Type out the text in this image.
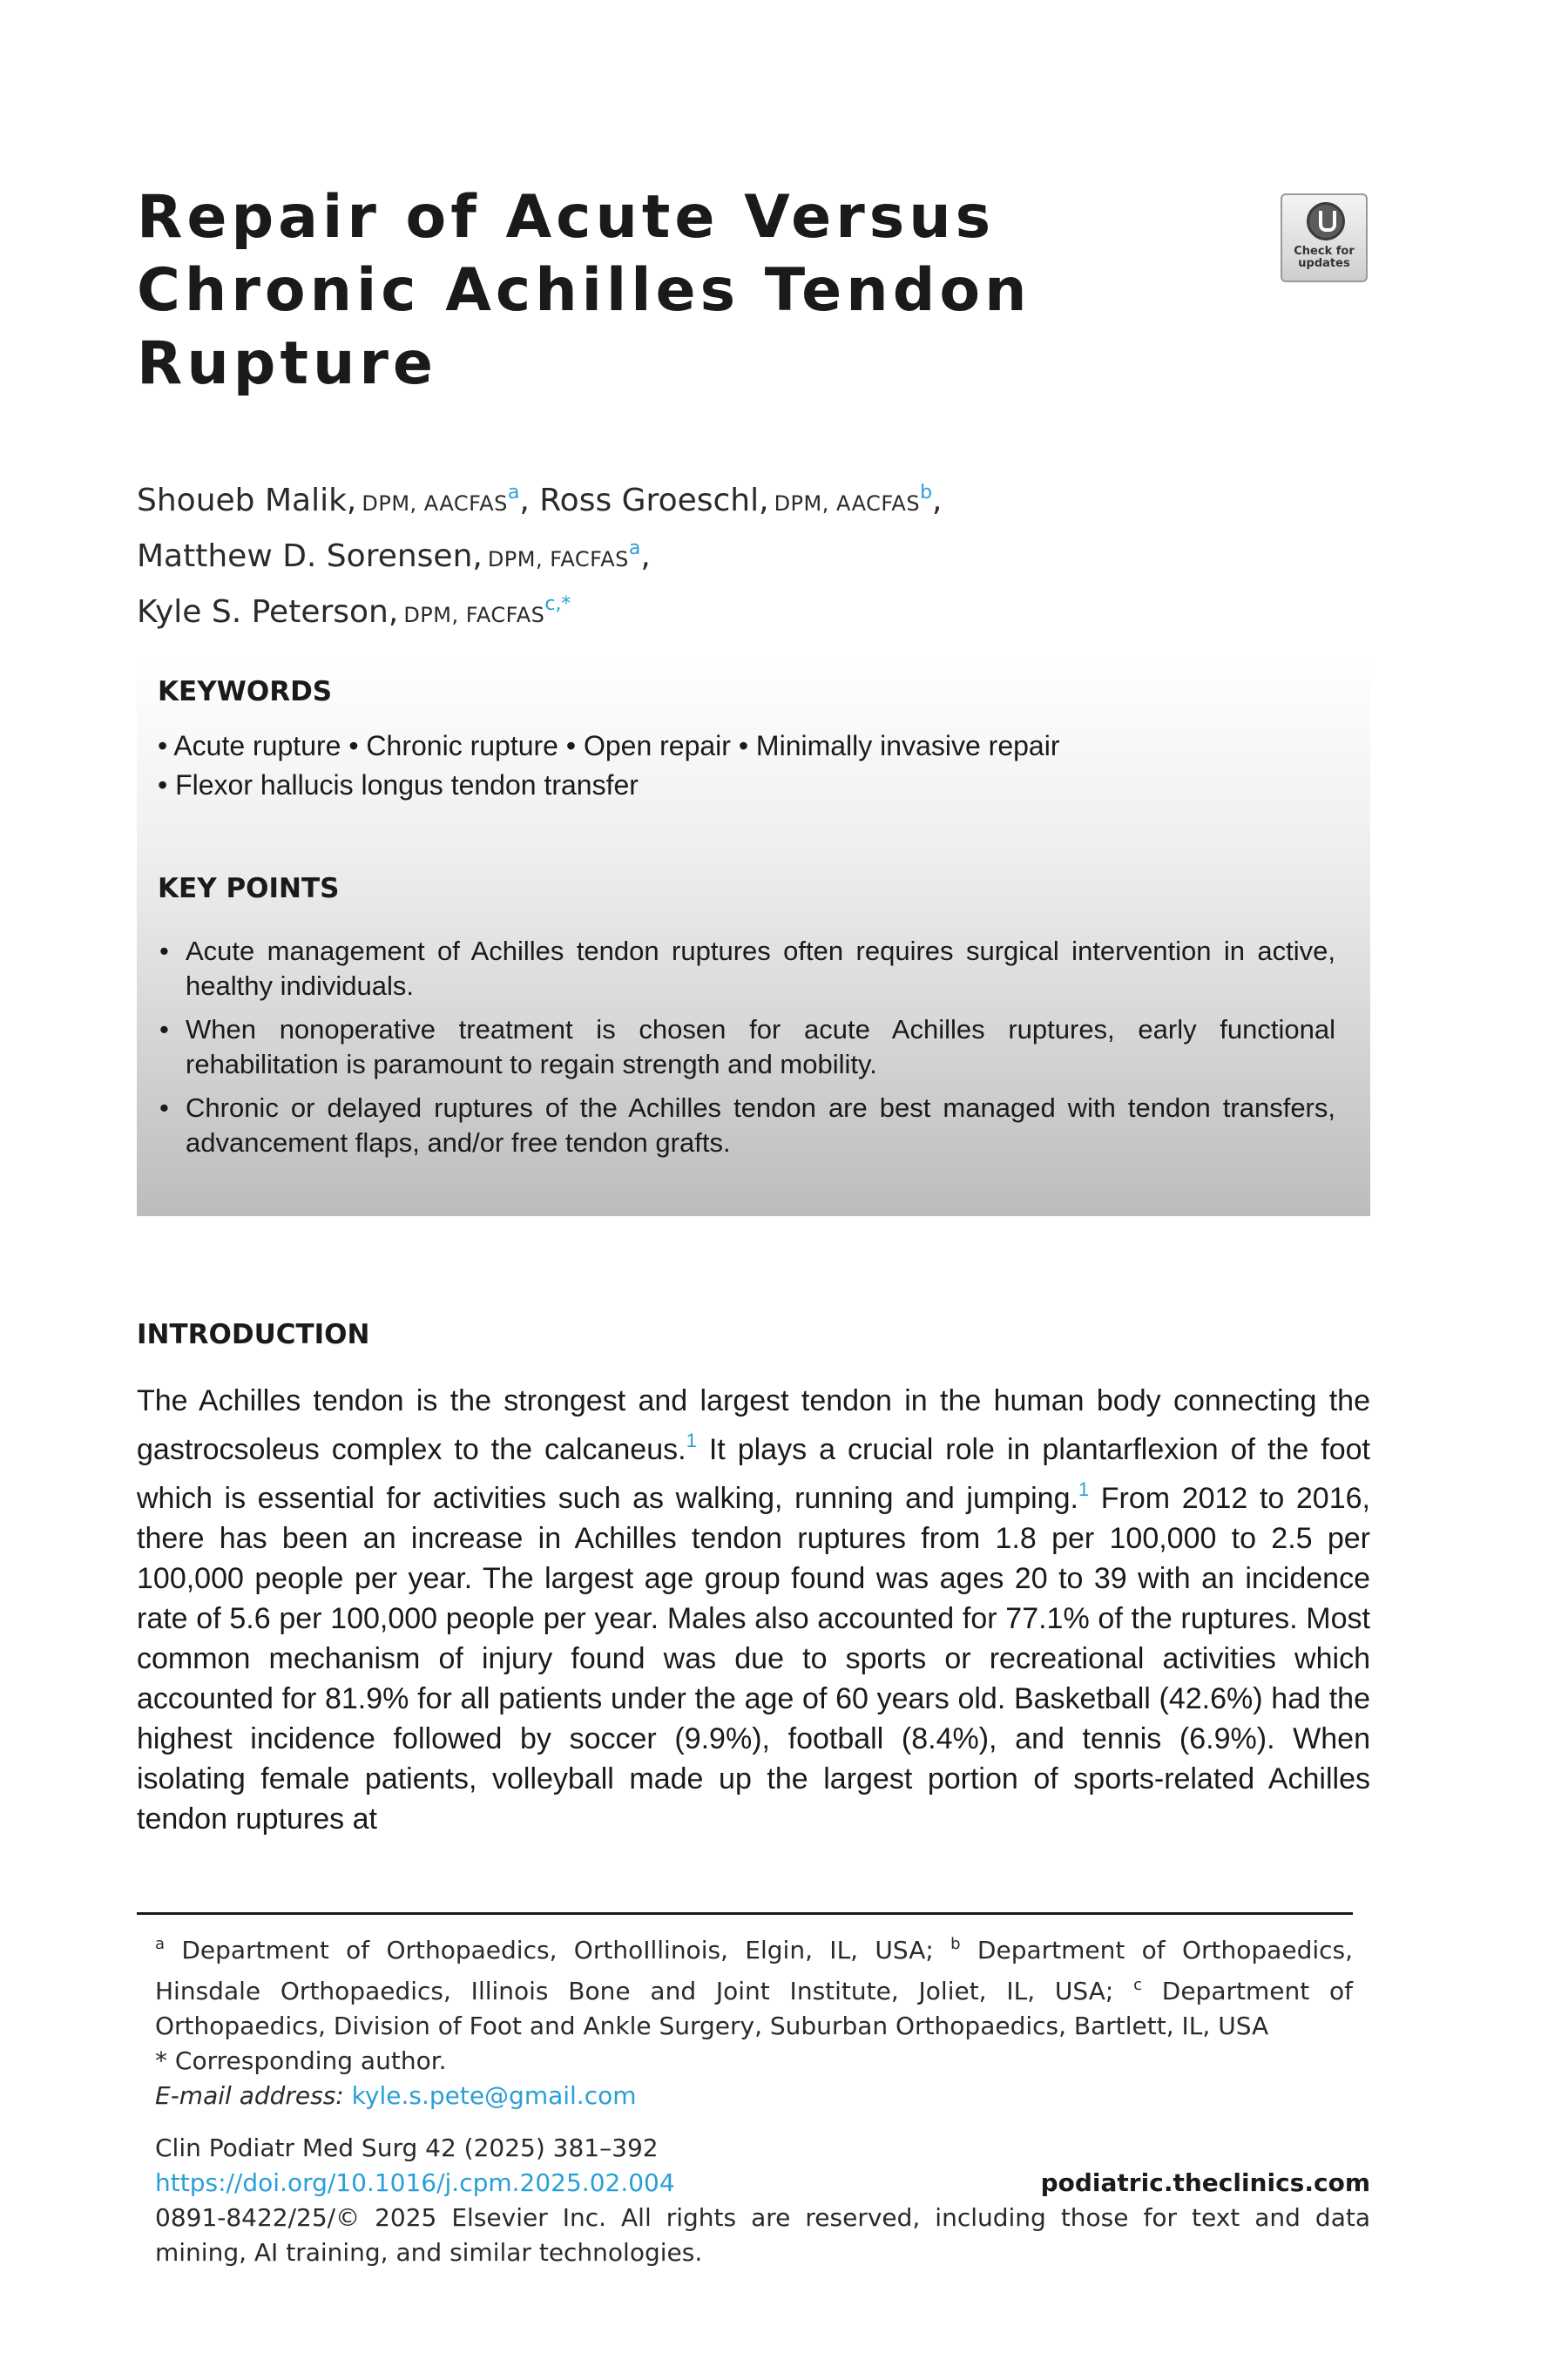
Repair of Acute Versus
Chronic Achilles Tendon
Rupture
Check for
updates
Shoueb Malik, DPM, AACFAS$^a$, Ross Groeschl, DPM, AACFAS$^b$,
Matthew D. Sorensen, DPM, FACFAS$^a$,
Kyle S. Peterson, DPM, FACFAS$^{c,*}$
KEYWORDS
• Acute rupture • Chronic rupture • Open repair • Minimally invasive repair
• Flexor hallucis longus tendon transfer
KEY POINTS
• Acute management of Achilles tendon ruptures often requires surgical intervention in active, healthy individuals.
• When nonoperative treatment is chosen for acute Achilles ruptures, early functional rehabilitation is paramount to regain strength and mobility.
• Chronic or delayed ruptures of the Achilles tendon are best managed with tendon transfers, advancement flaps, and/or free tendon grafts.
INTRODUCTION

The Achilles tendon is the strongest and largest tendon in the human body connecting the gastrocsoleus complex to the calcaneus.$^1$ It plays a crucial role in plantarflexion of the foot which is essential for activities such as walking, running and jumping.$^1$ From 2012 to 2016, there has been an increase in Achilles tendon ruptures from 1.8 per 100,000 to 2.5 per 100,000 people per year. The largest age group found was ages 20 to 39 with an incidence rate of 5.6 per 100,000 people per year. Males also accounted for 77.1% of the ruptures. Most common mechanism of injury found was due to sports or recreational activities which accounted for 81.9% for all patients under the age of 60 years old. Basketball (42.6%) had the highest incidence followed by soccer (9.9%), football (8.4%), and tennis (6.9%). When isolating female patients, volleyball made up the largest portion of sports-related Achilles tendon ruptures at

$^a$ Department of Orthopaedics, OrthoIllinois, Elgin, IL, USA; $^b$ Department of Orthopaedics, Hinsdale Orthopaedics, Illinois Bone and Joint Institute, Joliet, IL, USA; $^c$ Department of Orthopaedics, Division of Foot and Ankle Surgery, Suburban Orthopaedics, Bartlett, IL, USA
* Corresponding author.
E-mail address: kyle.s.pete@gmail.com
Clin Podiatr Med Surg 42 (2025) 381–392
https://doi.org/10.1016/j.cpm.2025.02.004	podiatric.theclinics.com
0891-8422/25/© 2025 Elsevier Inc. All rights are reserved, including those for text and data mining, AI training, and similar technologies.
